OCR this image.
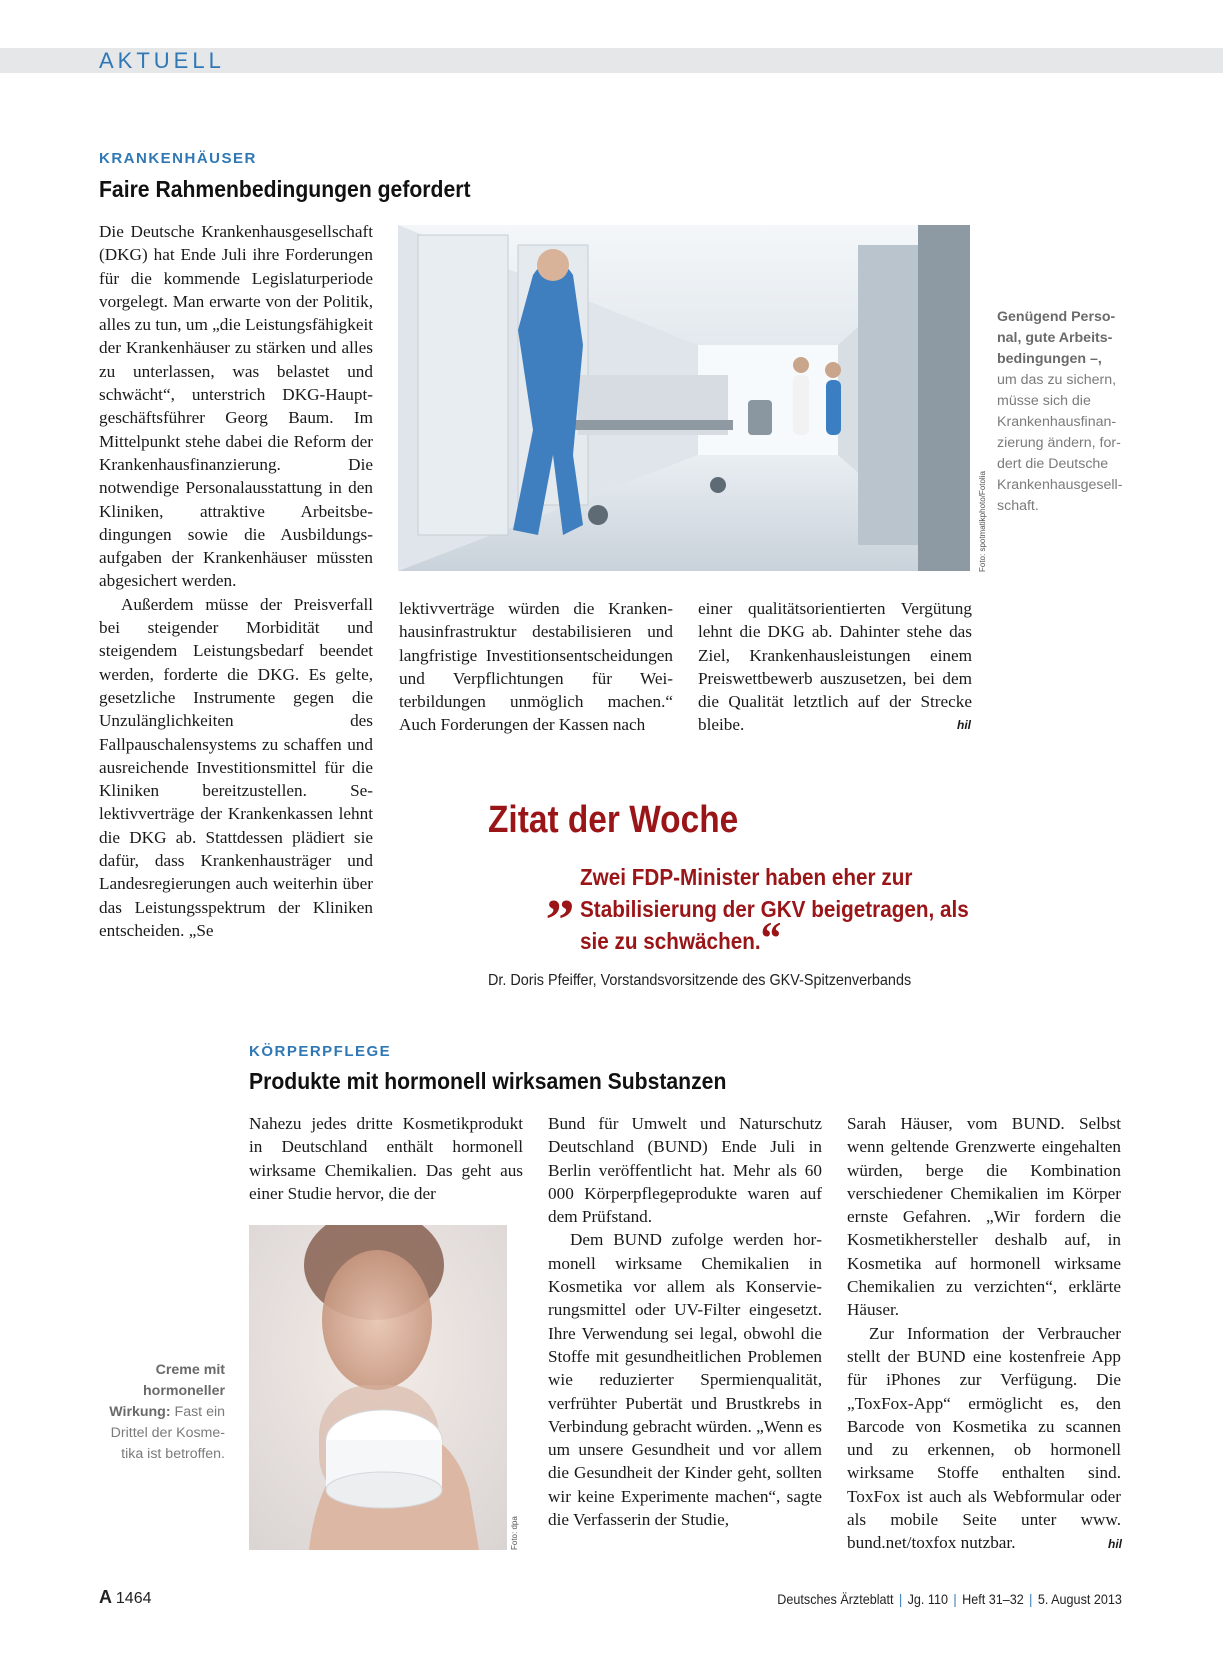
AKTUELL
KRANKENHÄUSER
Faire Rahmenbedingungen gefordert

Die Deutsche Krankenhausgesellschaft (DKG) hat Ende Juli ihre Forderungen für die kommende Legislaturperiode vorgelegt. Man erwarte von der Politik, alles zu tun, um „die Leistungsfähigkeit der Krankenhäuser zu stärken und alles zu unterlassen, was belastet und schwächt“, unterstrich DKG-Hauptgeschäftsführer Georg Baum. Im Mittelpunkt stehe dabei die Reform der Krankenhausfinanzierung. Die notwendige Personalausstattung in den Kliniken, attraktive Arbeitsbedingungen sowie die Ausbildungsaufgaben der Krankenhäuser müssten abgesichert werden.

Außerdem müsse der Preisverfall bei steigender Morbidität und steigendem Leistungsbedarf beendet werden, forderte die DKG. Es gelte, gesetzliche Instrumente gegen die Unzulänglichkeiten des Fallpauschalensystems zu schaffen und ausreichende Investitionsmittel für die Kliniken bereitzustellen. Selektivverträge der Krankenkassen lehnt die DKG ab. Stattdessen plädiert sie dafür, dass Krankenhausträger und Landesregierungen auch weiterhin über das Leistungsspektrum der Kliniken entscheiden. „Se

Foto: spotmatikphoto/Fotolia
Genügend Personal, gute Arbeitsbedingungen –, um das zu sichern, müsse sich die Krankenhausfinanzierung ändern, fordert die Deutsche Krankenhausgesellschaft.

lektivverträge würden die Krankenhausinfrastruktur destabilisieren und langfristige Investitionsentscheidungen und Verpflichtungen für Weiterbildungen unmöglich machen.“ Auch Forderungen der Kassen nach

einer qualitätsorientierten Vergütung lehnt die DKG ab. Dahinter stehe das Ziel, Krankenhausleistungen einem Preiswettbewerb auszusetzen, bei dem die Qualität letztlich auf der Strecke bleibe.	hil
Zitat der Woche
„ Zwei FDP-Minister haben eher zur Stabilisierung der GKV beigetragen, als sie zu schwächen.“
Dr. Doris Pfeiffer, Vorstandsvorsitzende des GKV-Spitzenverbands
KÖRPERPFLEGE
Produkte mit hormonell wirksamen Substanzen

Nahezu jedes dritte Kosmetikprodukt in Deutschland enthält hormonell wirksame Chemikalien. Das geht aus einer Studie hervor, die der

Foto: dpa
Creme mit hormoneller Wirkung: Fast ein Drittel der Kosmetika ist betroffen.

Bund für Umwelt und Naturschutz Deutschland (BUND) Ende Juli in Berlin veröffentlicht hat. Mehr als 60 000 Körperpflegeprodukte waren auf dem Prüfstand.

Dem BUND zufolge werden hormonell wirksame Chemikalien in Kosmetika vor allem als Konservierungsmittel oder UV-Filter eingesetzt. Ihre Verwendung sei legal, obwohl die Stoffe mit gesundheitlichen Problemen wie reduzierter Spermienqualität, verfrühter Pubertät und Brustkrebs in Verbindung gebracht würden. „Wenn es um unsere Gesundheit und vor allem die Gesundheit der Kinder geht, sollten wir keine Experimente machen“, sagte die Verfasserin der Studie,

Sarah Häuser, vom BUND. Selbst wenn geltende Grenzwerte eingehalten würden, berge die Kombination verschiedener Chemikalien im Körper ernste Gefahren. „Wir fordern die Kosmetikhersteller deshalb auf, in Kosmetika auf hormonell wirksame Chemikalien zu verzichten“, erklärte Häuser.

Zur Information der Verbraucher stellt der BUND eine kostenfreie App für iPhones zur Verfügung. Die „ToxFox-App“ ermöglicht es, den Barcode von Kosmetika zu scannen und zu erkennen, ob hormonell wirksame Stoffe enthalten sind. ToxFox ist auch als Webformular oder als mobile Seite unter www. bund.net/toxfox nutzbar.	hil
A 1464	Deutsches Ärzteblatt | Jg. 110 | Heft 31–32 | 5. August 2013
